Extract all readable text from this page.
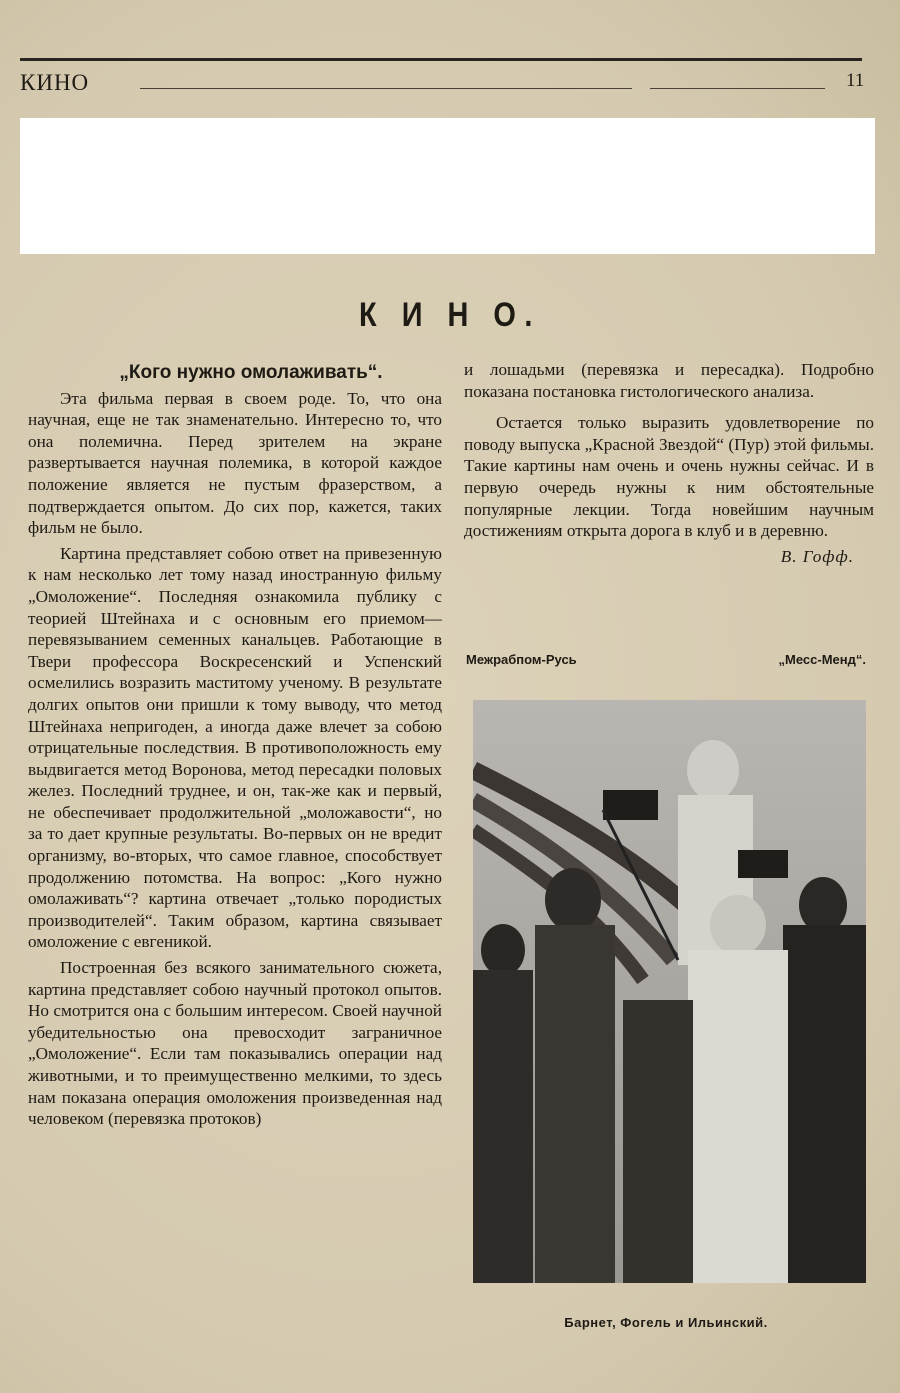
КИНО	11
К И Н О.

„Кого нужно омолаживать“.

Эта фильма первая в своем роде. То, что она научная, еще не так знаменательно. Интересно то, что она полемична. Перед зрителем на экране развертывается научная полемика, в которой каждое положение является не пустым фразерством, а подтверждается опытом. До сих пор, кажется, таких фильм не было.

Картина представляет собою ответ на привезенную к нам несколько лет тому назад иностранную фильму „Омоложение“. Последняя ознакомила публику с теорией Штейнаха и с основным его приемом—перевязыванием семенных канальцев. Работающие в Твери профессора Воскресенский и Успенский осмелились возразить маститому ученому. В результате долгих опытов они пришли к тому выводу, что метод Штейнаха непригоден, а иногда даже влечет за собою отрицательные последствия. В противоположность ему выдвигается метод Воронова, метод пересадки половых желез. Последний труднее, и он, так-же как и первый, не обеспечивает продолжительной „моложавости“, но за то дает крупные результаты. Во-первых он не вредит организму, во-вторых, что самое главное, способствует продолжению потомства. На вопрос: „Кого нужно омолаживать“? картина отвечает „только породистых производителей“. Таким образом, картина связывает омоложение с евгеникой.

Построенная без всякого занимательного сюжета, картина представляет собою научный протокол опытов. Но смотрится она с большим интересом. Своей научной убедительностью она превосходит заграничное „Омоложение“. Если там показывались операции над животными, и то преимущественно мелкими, то здесь нам показана операция омоложения произведенная над человеком (перевязка протоков)

и лошадьми (перевязка и пересадка). Подробно показана постановка гистологического анализа.

Остается только выразить удовлетворение по поводу выпуска „Красной Звездой“ (Пур) этой фильмы. Такие картины нам очень и очень нужны сейчас. И в первую очередь нужны к ним обстоятельные популярные лекции. Тогда новейшим научным достижениям открыта дорога в клуб и в деревню.

В. Гофф.

Межрабпом-Русь	„Месс-Менд“.
Барнет, Фогель и Ильинский.
